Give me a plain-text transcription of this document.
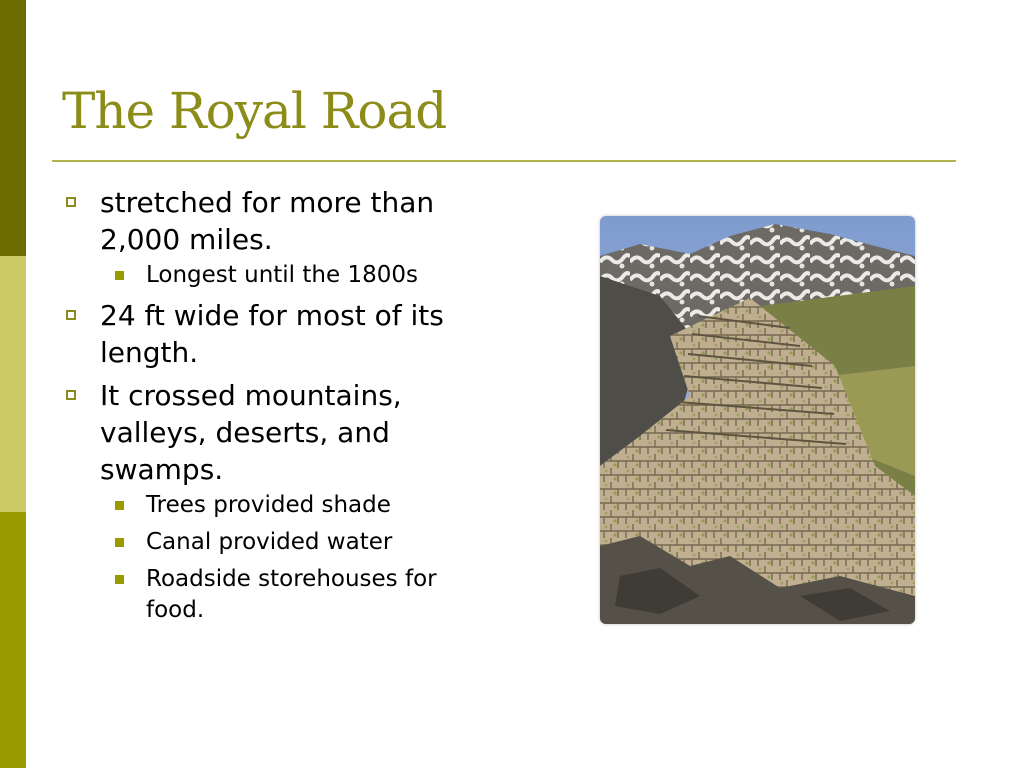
The Royal Road
stretched for more than 2,000 miles.
Longest until the 1800s
24 ft wide for most of its length.
It crossed mountains, valleys, deserts, and swamps.
Trees provided shade
Canal provided water
Roadside storehouses for food.
